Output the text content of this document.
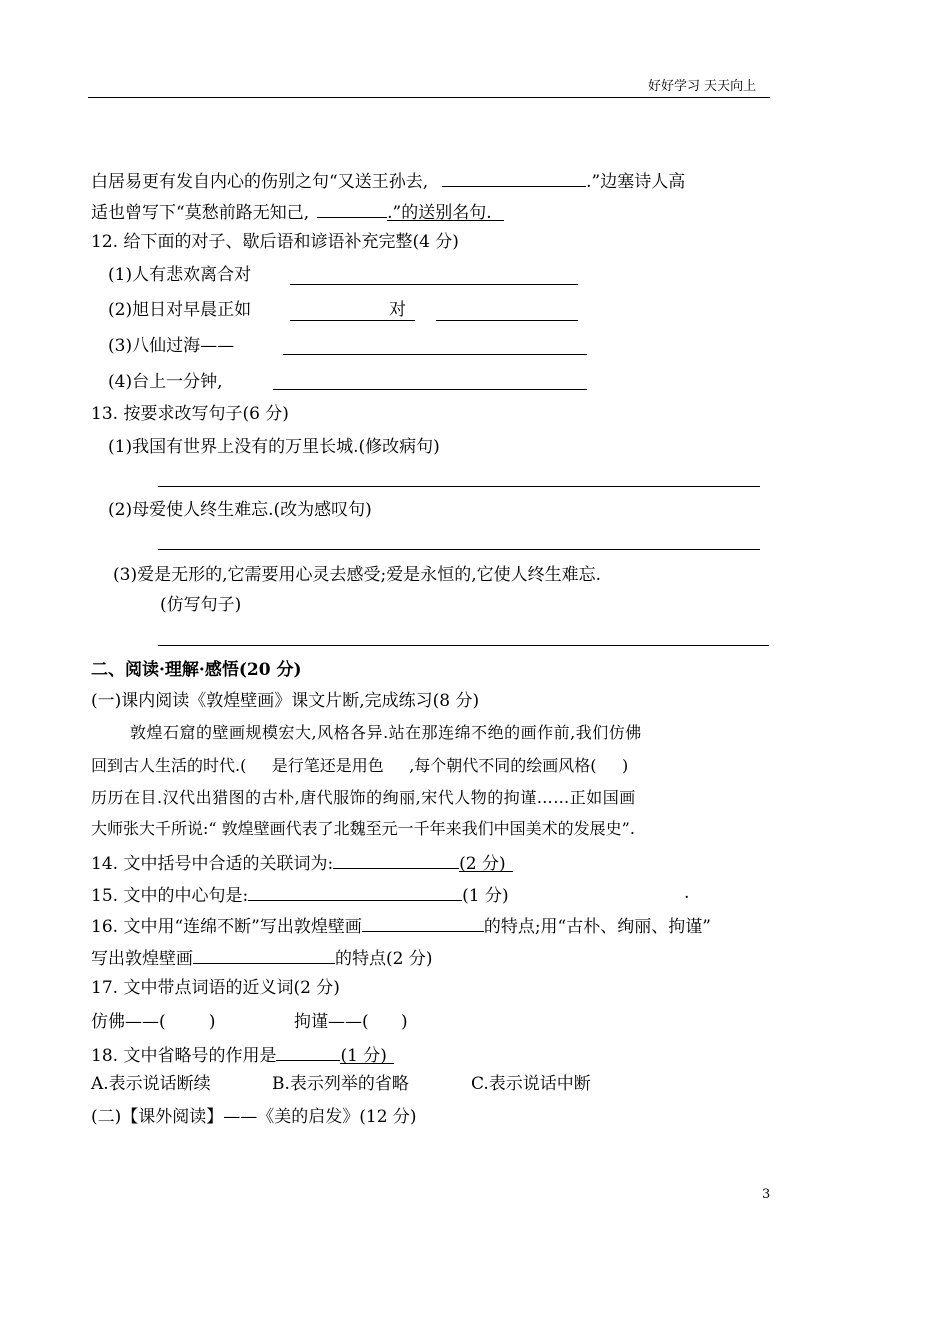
好好学习 天天向上
白居易更有发自内心的伤别之句“又送王孙去,	.”边塞诗人高
适也曾写下“莫愁前路无知己,	.”的送别名句.
12. 给下面的对子、歇后语和谚语补充完整(4 分)
(1)人有悲欢离合对
(2)旭日对早晨正如	对
(3)八仙过海——
(4)台上一分钟,
13. 按要求改写句子(6 分)
(1)我国有世界上没有的万里长城.(修改病句)
(2)母爱使人终生难忘.(改为感叹句)
(3)爱是无形的,它需要用心灵去感受;爱是永恒的,它使人终生难忘.
(仿写句子)
二、阅读·理解·感悟(20 分)
(一)课内阅读《敦煌壁画》课文片断,完成练习(8 分)
敦煌石窟的壁画规模宏大,风格各异.站在那连绵不绝的画作前,我们仿佛
回到古人生活的时代.(     是行笔还是用色     ,每个朝代不同的绘画风格(     )
历历在目.汉代出猎图的古朴,唐代服饰的绚丽,宋代人物的拘谨……正如国画
大师张大千所说:“ 敦煌壁画代表了北魏至元一千年来我们中国美术的发展史”.
14. 文中括号中合适的关联词为:	(2 分)
15. 文中的中心句是:	(1 分)	.
16. 文中用“连绵不断”写出敦煌壁画	的特点;用“古朴、绚丽、拘谨”
写出敦煌壁画	的特点(2 分)
17. 文中带点词语的近义词(2 分)
仿佛——(        )	拘谨——(      )
18. 文中省略号的作用是	(1 分)
A.表示说话断续	B.表示列举的省略	C.表示说话中断
(二)【课外阅读】——《美的启发》(12 分)
3
